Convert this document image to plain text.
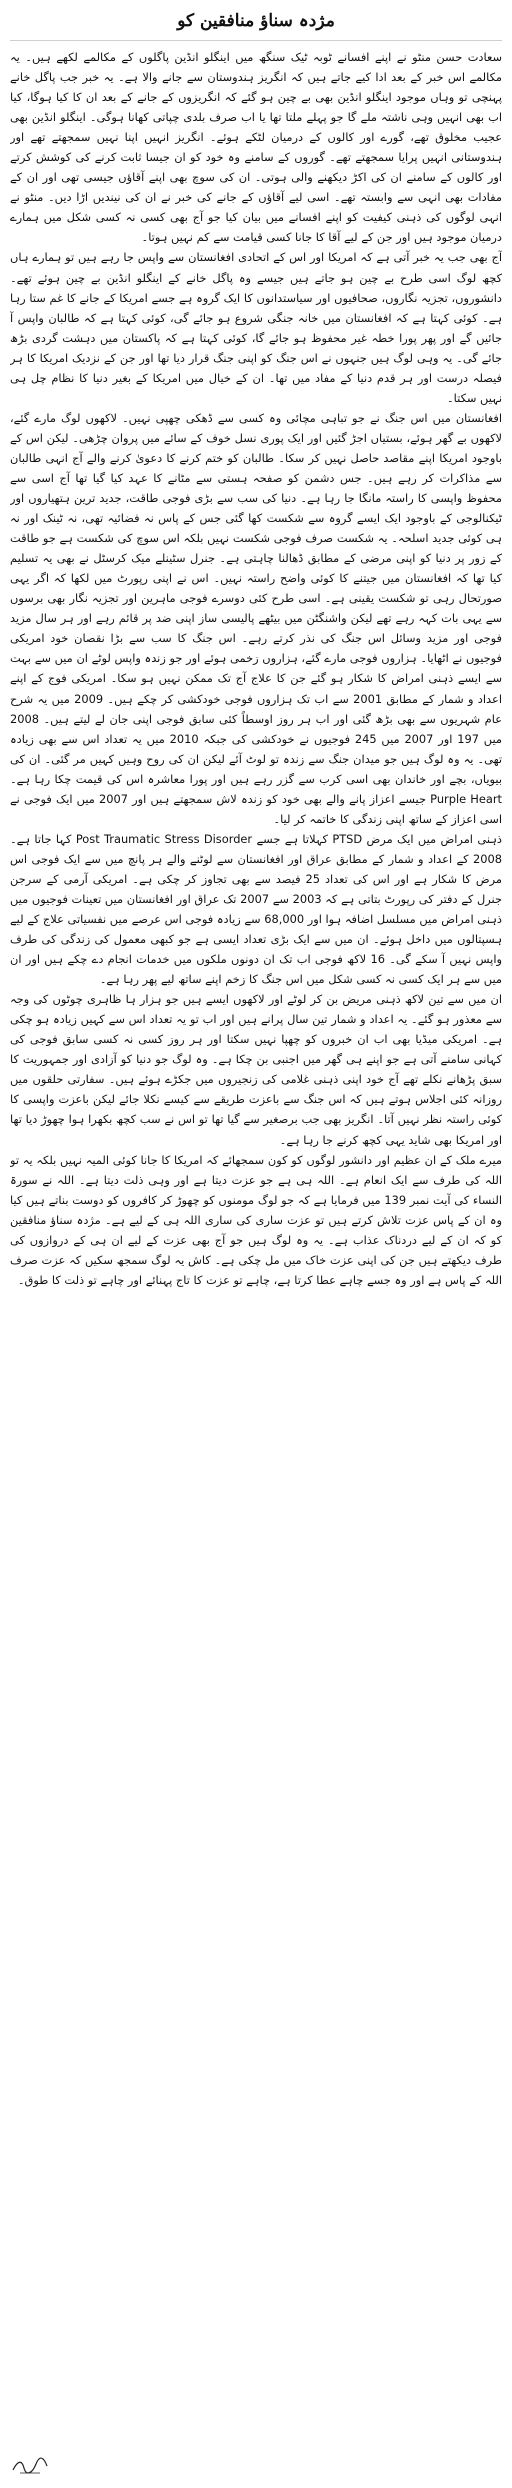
مژدہ سناؤ منافقین کو

سعادت حسن منٹو نے اپنے افسانے ٹوبہ ٹیک سنگھ میں اینگلو انڈین پاگلوں کے مکالمے لکھے ہیں۔ یہ مکالمے اس خبر کے بعد ادا کیے جاتے ہیں کہ انگریز ہندوستان سے جانے والا ہے۔ یہ خبر جب پاگل خانے پہنچی تو وہاں موجود اینگلو انڈین بھی بے چین ہو گئے کہ انگریزوں کے جانے کے بعد ان کا کیا ہوگا، کیا اب بھی انہیں وہی ناشتہ ملے گا جو پہلے ملتا تھا یا اب صرف بلدی چپاتی کھانا ہوگی۔ اینگلو انڈین بھی عجیب مخلوق تھے، گورے اور کالوں کے درمیان لٹکے ہوئے۔ انگریز انہیں اپنا نہیں سمجھتے تھے اور ہندوستانی انہیں پرایا سمجھتے تھے۔ گوروں کے سامنے وہ خود کو ان جیسا ثابت کرنے کی کوشش کرتے اور کالوں کے سامنے ان کی اکڑ دیکھنے والی ہوتی۔ ان کی سوچ بھی اپنے آقاؤں جیسی تھی اور ان کے مفادات بھی انہی سے وابستہ تھے۔ اسی لیے آقاؤں کے جانے کی خبر نے ان کی نیندیں اڑا دیں۔ منٹو نے انہی لوگوں کی ذہنی کیفیت کو اپنے افسانے میں بیان کیا جو آج بھی کسی نہ کسی شکل میں ہمارے درمیان موجود ہیں اور جن کے لیے آقا کا جانا کسی قیامت سے کم نہیں ہوتا۔

آج بھی جب یہ خبر آتی ہے کہ امریکا اور اس کے اتحادی افغانستان سے واپس جا رہے ہیں تو ہمارے ہاں کچھ لوگ اسی طرح بے چین ہو جاتے ہیں جیسے وہ پاگل خانے کے اینگلو انڈین بے چین ہوئے تھے۔ دانشوروں، تجزیہ نگاروں، صحافیوں اور سیاستدانوں کا ایک گروہ ہے جسے امریکا کے جانے کا غم ستا رہا ہے۔ کوئی کہتا ہے کہ افغانستان میں خانہ جنگی شروع ہو جائے گی، کوئی کہتا ہے کہ طالبان واپس آ جائیں گے اور پھر پورا خطہ غیر محفوظ ہو جائے گا، کوئی کہتا ہے کہ پاکستان میں دہشت گردی بڑھ جائے گی۔ یہ وہی لوگ ہیں جنہوں نے اس جنگ کو اپنی جنگ قرار دیا تھا اور جن کے نزدیک امریکا کا ہر فیصلہ درست اور ہر قدم دنیا کے مفاد میں تھا۔ ان کے خیال میں امریکا کے بغیر دنیا کا نظام چل ہی نہیں سکتا۔

افغانستان میں اس جنگ نے جو تباہی مچائی وہ کسی سے ڈھکی چھپی نہیں۔ لاکھوں لوگ مارے گئے، لاکھوں بے گھر ہوئے، بستیاں اجڑ گئیں اور ایک پوری نسل خوف کے سائے میں پروان چڑھی۔ لیکن اس کے باوجود امریکا اپنے مقاصد حاصل نہیں کر سکا۔ طالبان کو ختم کرنے کا دعویٰ کرنے والے آج انہی طالبان سے مذاکرات کر رہے ہیں۔ جس دشمن کو صفحہ ہستی سے مٹانے کا عہد کیا گیا تھا آج اسی سے محفوظ واپسی کا راستہ مانگا جا رہا ہے۔ دنیا کی سب سے بڑی فوجی طاقت، جدید ترین ہتھیاروں اور ٹیکنالوجی کے باوجود ایک ایسے گروہ سے شکست کھا گئی جس کے پاس نہ فضائیہ تھی، نہ ٹینک اور نہ ہی کوئی جدید اسلحہ۔ یہ شکست صرف فوجی شکست نہیں بلکہ اس سوچ کی شکست ہے جو طاقت کے زور پر دنیا کو اپنی مرضی کے مطابق ڈھالنا چاہتی ہے۔ جنرل سٹینلے میک کرسٹل نے بھی یہ تسلیم کیا تھا کہ افغانستان میں جیتنے کا کوئی واضح راستہ نہیں۔ اس نے اپنی رپورٹ میں لکھا کہ اگر یہی صورتحال رہی تو شکست یقینی ہے۔ اسی طرح کئی دوسرے فوجی ماہرین اور تجزیہ نگار بھی برسوں سے یہی بات کہہ رہے تھے لیکن واشنگٹن میں بیٹھے پالیسی ساز اپنی ضد پر قائم رہے اور ہر سال مزید فوجی اور مزید وسائل اس جنگ کی نذر کرتے رہے۔ اس جنگ کا سب سے بڑا نقصان خود امریکی فوجیوں نے اٹھایا۔ ہزاروں فوجی مارے گئے، ہزاروں زخمی ہوئے اور جو زندہ واپس لوٹے ان میں سے بہت سے ایسے ذہنی امراض کا شکار ہو گئے جن کا علاج آج تک ممکن نہیں ہو سکا۔ امریکی فوج کے اپنے اعداد و شمار کے مطابق 2001 سے اب تک ہزاروں فوجی خودکشی کر چکے ہیں۔ 2009 میں یہ شرح عام شہریوں سے بھی بڑھ گئی اور اب ہر روز اوسطاً کئی سابق فوجی اپنی جان لے لیتے ہیں۔ 2008 میں 197 اور 2007 میں 245 فوجیوں نے خودکشی کی جبکہ 2010 میں یہ تعداد اس سے بھی زیادہ تھی۔ یہ وہ لوگ ہیں جو میدان جنگ سے زندہ تو لوٹ آئے لیکن ان کی روح وہیں کہیں مر گئی۔ ان کی بیویاں، بچے اور خاندان بھی اسی کرب سے گزر رہے ہیں اور پورا معاشرہ اس کی قیمت چکا رہا ہے۔ Purple Heart جیسے اعزاز پانے والے بھی خود کو زندہ لاش سمجھتے ہیں اور 2007 میں ایک فوجی نے اسی اعزاز کے ساتھ اپنی زندگی کا خاتمہ کر لیا۔

ذہنی امراض میں ایک مرض PTSD کہلاتا ہے جسے Post Traumatic Stress Disorder کہا جاتا ہے۔ 2008 کے اعداد و شمار کے مطابق عراق اور افغانستان سے لوٹنے والے ہر پانچ میں سے ایک فوجی اس مرض کا شکار ہے اور اس کی تعداد 25 فیصد سے بھی تجاوز کر چکی ہے۔ امریکی آرمی کے سرجن جنرل کے دفتر کی رپورٹ بتاتی ہے کہ 2003 سے 2007 تک عراق اور افغانستان میں تعینات فوجیوں میں ذہنی امراض میں مسلسل اضافہ ہوا اور 68,000 سے زیادہ فوجی اس عرصے میں نفسیاتی علاج کے لیے ہسپتالوں میں داخل ہوئے۔ ان میں سے ایک بڑی تعداد ایسی ہے جو کبھی معمول کی زندگی کی طرف واپس نہیں آ سکے گی۔ 16 لاکھ فوجی اب تک ان دونوں ملکوں میں خدمات انجام دے چکے ہیں اور ان میں سے ہر ایک کسی نہ کسی شکل میں اس جنگ کا زخم اپنے ساتھ لیے پھر رہا ہے۔

ان میں سے تین لاکھ ذہنی مریض بن کر لوٹے اور لاکھوں ایسے ہیں جو ہزار ہا ظاہری چوٹوں کی وجہ سے معذور ہو گئے۔ یہ اعداد و شمار تین سال پرانے ہیں اور اب تو یہ تعداد اس سے کہیں زیادہ ہو چکی ہے۔ امریکی میڈیا بھی اب ان خبروں کو چھپا نہیں سکتا اور ہر روز کسی نہ کسی سابق فوجی کی کہانی سامنے آتی ہے جو اپنے ہی گھر میں اجنبی بن چکا ہے۔ وہ لوگ جو دنیا کو آزادی اور جمہوریت کا سبق پڑھانے نکلے تھے آج خود اپنی ذہنی غلامی کی زنجیروں میں جکڑے ہوئے ہیں۔ سفارتی حلقوں میں روزانہ کئی اجلاس ہوتے ہیں کہ اس جنگ سے باعزت طریقے سے کیسے نکلا جائے لیکن باعزت واپسی کا کوئی راستہ نظر نہیں آتا۔ انگریز بھی جب برصغیر سے گیا تھا تو اس نے سب کچھ بکھرا ہوا چھوڑ دیا تھا اور امریکا بھی شاید یہی کچھ کرنے جا رہا ہے۔

میرے ملک کے ان عظیم اور دانشور لوگوں کو کون سمجھائے کہ امریکا کا جانا کوئی المیہ نہیں بلکہ یہ تو اللہ کی طرف سے ایک انعام ہے۔ اللہ ہی ہے جو عزت دیتا ہے اور وہی ذلت دیتا ہے۔ اللہ نے سورۃ النساء کی آیت نمبر 139 میں فرمایا ہے کہ جو لوگ مومنوں کو چھوڑ کر کافروں کو دوست بناتے ہیں کیا وہ ان کے پاس عزت تلاش کرتے ہیں تو عزت ساری کی ساری اللہ ہی کے لیے ہے۔ مژدہ سناؤ منافقین کو کہ ان کے لیے دردناک عذاب ہے۔ یہ وہ لوگ ہیں جو آج بھی عزت کے لیے ان ہی کے دروازوں کی طرف دیکھتے ہیں جن کی اپنی عزت خاک میں مل چکی ہے۔ کاش یہ لوگ سمجھ سکیں کہ عزت صرف اللہ کے پاس ہے اور وہ جسے چاہے عطا کرتا ہے، چاہے تو عزت کا تاج پہنائے اور چاہے تو ذلت کا طوق۔
